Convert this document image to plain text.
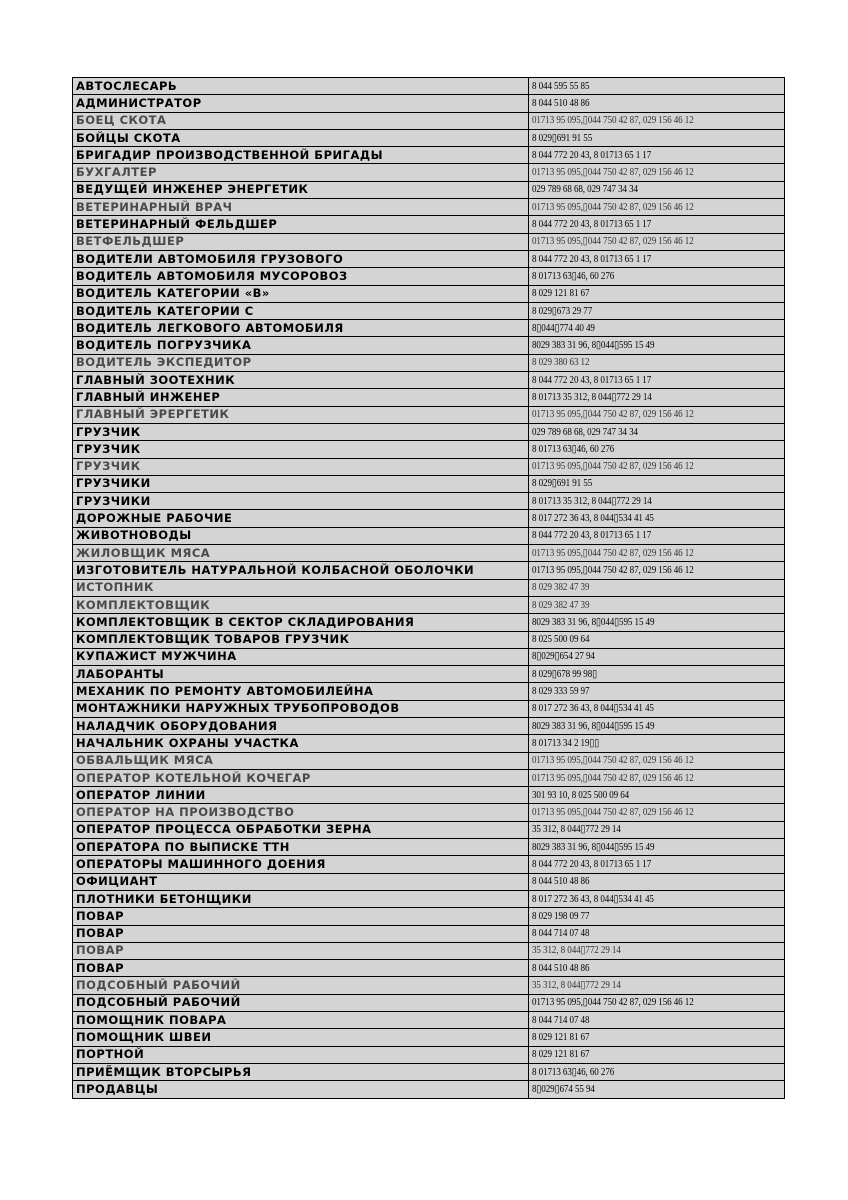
АВТОСЛЕСАРЬ	8 044 595 55 85
АДМИНИСТРАТОР	8 044 510 48 86
БОЕЦ СКОТА	01713 95 095,▯044 750 42 87, 029 156 46 12
БОЙЦЫ СКОТА	8 029▯691 91 55
БРИГАДИР ПРОИЗВОДСТВЕННОЙ БРИГАДЫ	8 044 772 20 43, 8 01713 65 1 17
БУХГАЛТЕР	01713 95 095,▯044 750 42 87, 029 156 46 12
ВЕДУЩЕЙ ИНЖЕНЕР ЭНЕРГЕТИК	029 789 68 68, 029 747 34 34
ВЕТЕРИНАРНЫЙ ВРАЧ	01713 95 095,▯044 750 42 87, 029 156 46 12
ВЕТЕРИНАРНЫЙ ФЕЛЬДШЕР	8 044 772 20 43, 8 01713 65 1 17
ВЕТФЕЛЬДШЕР	01713 95 095,▯044 750 42 87, 029 156 46 12
ВОДИТЕЛИ АВТОМОБИЛЯ ГРУЗОВОГО	8 044 772 20 43, 8 01713 65 1 17
ВОДИТЕЛЬ АВТОМОБИЛЯ МУСОРОВОЗ	8 01713 63▯46, 60 276
ВОДИТЕЛЬ КАТЕГОРИИ «В»	8 029 121 81 67
ВОДИТЕЛЬ КАТЕГОРИИ С	8 029▯673 29 77
ВОДИТЕЛЬ ЛЕГКОВОГО АВТОМОБИЛЯ	8▯044▯774 40 49
ВОДИТЕЛЬ ПОГРУЗЧИКА	8029 383 31 96, 8▯044▯595 15 49
ВОДИТЕЛЬ ЭКСПЕДИТОР	8 029 380 63 12
ГЛАВНЫЙ ЗООТЕХНИК	8 044 772 20 43, 8 01713 65 1 17
ГЛАВНЫЙ ИНЖЕНЕР	8 01713 35 312, 8 044▯772 29 14
ГЛАВНЫЙ ЭРЕРГЕТИК	01713 95 095,▯044 750 42 87, 029 156 46 12
ГРУЗЧИК	029 789 68 68, 029 747 34 34
ГРУЗЧИК	8 01713 63▯46, 60 276
ГРУЗЧИК	01713 95 095,▯044 750 42 87, 029 156 46 12
ГРУЗЧИКИ	8 029▯691 91 55
ГРУЗЧИКИ	8 01713 35 312, 8 044▯772 29 14
ДОРОЖНЫЕ РАБОЧИЕ	8 017 272 36 43, 8 044▯534 41 45
ЖИВОТНОВОДЫ	8 044 772 20 43, 8 01713 65 1 17
ЖИЛОВЩИК МЯСА	01713 95 095,▯044 750 42 87, 029 156 46 12
ИЗГОТОВИТЕЛЬ НАТУРАЛЬНОЙ КОЛБАСНОЙ ОБОЛОЧКИ	01713 95 095,▯044 750 42 87, 029 156 46 12
ИСТОПНИК	8 029 382 47 39
КОМПЛЕКТОВЩИК	8 029 382 47 39
КОМПЛЕКТОВЩИК В СЕКТОР СКЛАДИРОВАНИЯ	8029 383 31 96, 8▯044▯595 15 49
КОМПЛЕКТОВЩИК ТОВАРОВ ГРУЗЧИК	8 025 500 09 64
КУПАЖИСТ МУЖЧИНА	8▯029▯654 27 94
ЛАБОРАНТЫ	8 029▯678 99 98▯
МЕХАНИК ПО РЕМОНТУ АВТОМОБИЛЕЙНА	8 029 333 59 97
МОНТАЖНИКИ НАРУЖНЫХ ТРУБОПРОВОДОВ	8 017 272 36 43, 8 044▯534 41 45
НАЛАДЧИК ОБОРУДОВАНИЯ	8029 383 31 96, 8▯044▯595 15 49
НАЧАЛЬНИК ОХРАНЫ УЧАСТКА	8 01713 34 2 19▯▯
ОБВАЛЬЩИК МЯСА	01713 95 095,▯044 750 42 87, 029 156 46 12
ОПЕРАТОР КОТЕЛЬНОЙ КОЧЕГАР	01713 95 095,▯044 750 42 87, 029 156 46 12
ОПЕРАТОР ЛИНИИ	301 93 10, 8 025 500 09 64
ОПЕРАТОР НА ПРОИЗВОДСТВО	01713 95 095,▯044 750 42 87, 029 156 46 12
ОПЕРАТОР ПРОЦЕССА ОБРАБОТКИ ЗЕРНА	35 312, 8 044▯772 29 14
ОПЕРАТОРА ПО ВЫПИСКЕ ТТН	8029 383 31 96, 8▯044▯595 15 49
ОПЕРАТОРЫ МАШИННОГО ДОЕНИЯ	8 044 772 20 43, 8 01713 65 1 17
ОФИЦИАНТ	8 044 510 48 86
ПЛОТНИКИ БЕТОНЩИКИ	8 017 272 36 43, 8 044▯534 41 45
ПОВАР	8 029 198 09 77
ПОВАР	8 044 714 07 48
ПОВАР	35 312, 8 044▯772 29 14
ПОВАР	8 044 510 48 86
ПОДСОБНЫЙ РАБОЧИЙ	35 312, 8 044▯772 29 14
ПОДСОБНЫЙ РАБОЧИЙ	01713 95 095,▯044 750 42 87, 029 156 46 12
ПОМОЩНИК ПОВАРА	8 044 714 07 48
ПОМОЩНИК ШВЕИ	8 029 121 81 67
ПОРТНОЙ	8 029 121 81 67
ПРИЁМЩИК ВТОРСЫРЬЯ	8 01713 63▯46, 60 276
ПРОДАВЦЫ	8▯029▯674 55 94
